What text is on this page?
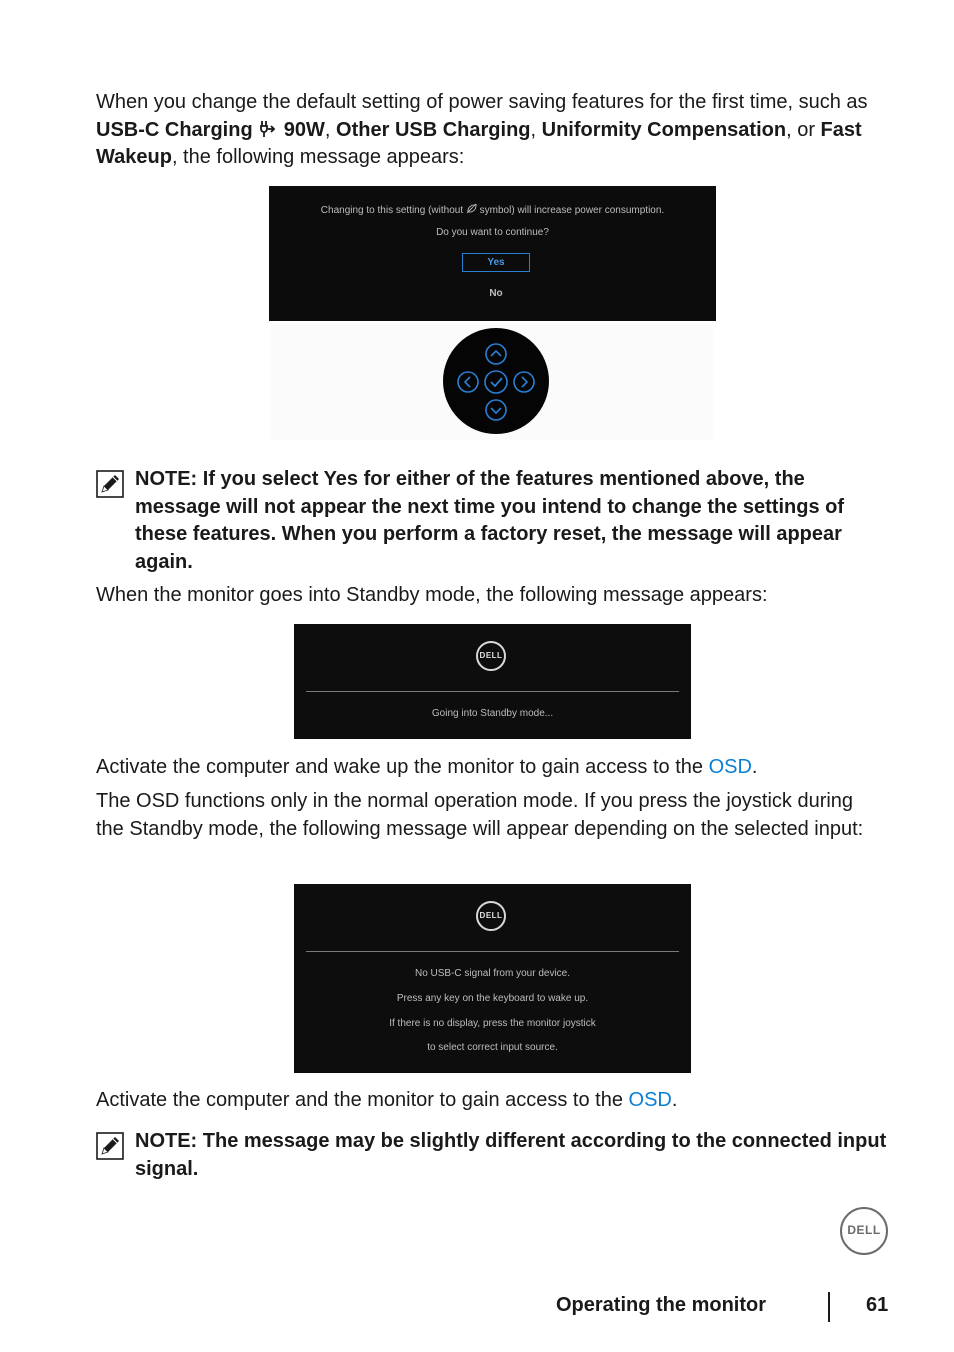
When you change the default setting of power saving features for the first time, such as USB-C Charging  90W, Other USB Charging, Uniformity Compensation, or Fast Wakeup, the following message appears:

Changing to this setting (without  symbol) will increase power consumption.
Do you want to continue?
Yes
No
NOTE: If you select Yes for either of the features mentioned above, the message will not appear the next time you intend to change the settings of these features. When you perform a factory reset, the message will appear again.

When the monitor goes into Standby mode, the following message appears:

DELL
Going into Standby mode...

Activate the computer and wake up the monitor to gain access to the OSD.

The OSD functions only in the normal operation mode. If you press the joystick during the Standby mode, the following message will appear depending on the selected input:

DELL
No USB-C signal from your device.
Press any key on the keyboard to wake up.
If there is no display, press the monitor joystick
to select correct input source.

Activate the computer and the monitor to gain access to the OSD.

NOTE: The message may be slightly different according to the connected input signal.
DELL
Operating the monitor	61
